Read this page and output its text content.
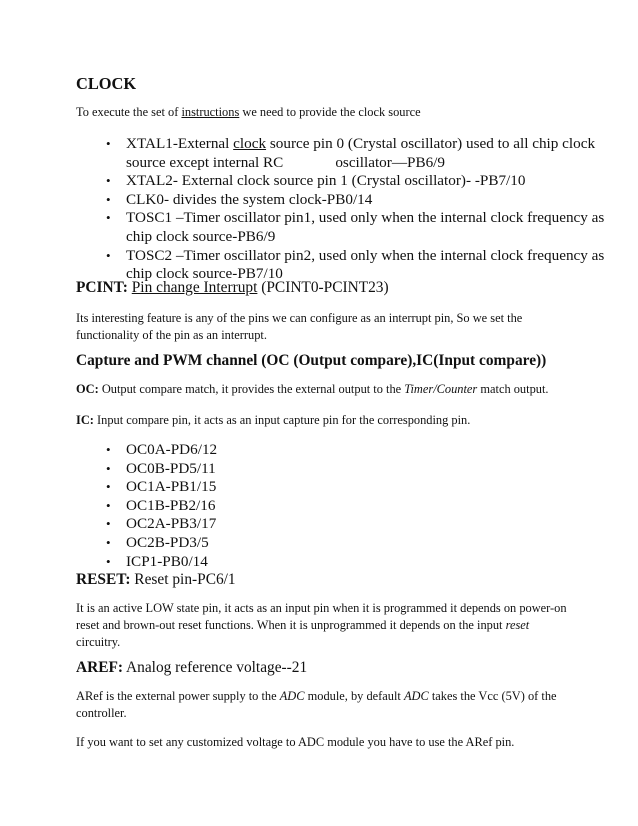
CLOCK

To execute the set of instructions we need to provide the clock source

• XTAL1-External clock source pin 0 (Crystal oscillator) used to all chip clock source except internal RC	oscillator—PB6/9
• XTAL2- External clock source pin 1 (Crystal oscillator)- -PB7/10
• CLK0- divides the system clock-PB0/14
• TOSC1 –Timer oscillator pin1, used only when the internal clock frequency as chip clock source-PB6/9
• TOSC2 –Timer oscillator pin2, used only when the internal clock frequency as chip clock source-PB7/10
PCINT: Pin change Interrupt (PCINT0-PCINT23)

Its interesting feature is any of the pins we can configure as an interrupt pin, So we set the functionality of the pin as an interrupt.

Capture and PWM channel (OC (Output compare),IC(Input compare))

OC: Output compare match, it provides the external output to the Timer/Counter match output.

IC: Input compare pin, it acts as an input capture pin for the corresponding pin.

• OC0A-PD6/12
• OC0B-PD5/11
• OC1A-PB1/15
• OC1B-PB2/16
• OC2A-PB3/17
• OC2B-PD3/5
• ICP1-PB0/14
RESET: Reset pin-PC6/1

It is an active LOW state pin, it acts as an input pin when it is programmed it depends on power-on reset and brown-out reset functions. When it is unprogrammed it depends on the input reset circuitry.

AREF: Analog reference voltage--21

ARef is the external power supply to the ADC module, by default ADC takes the Vcc (5V) of the controller.

If you want to set any customized voltage to ADC module you have to use the ARef pin.
